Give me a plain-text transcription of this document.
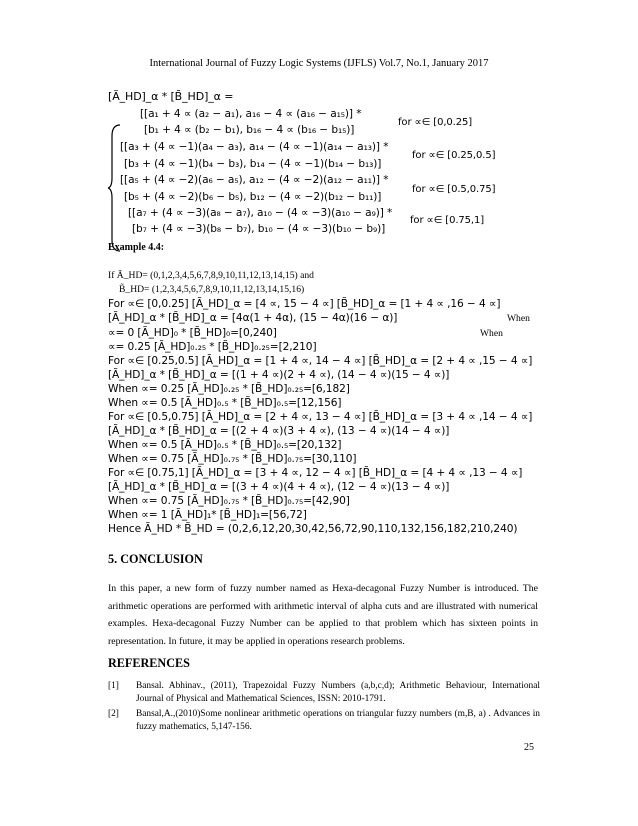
International Journal of Fuzzy Logic Systems (IJFLS) Vol.7, No.1, January 2017
[Ã_HD]_α * [B̃_HD]_α =
[[a₁ + 4 ∝ (a₂ − a₁), a₁₆ − 4 ∝ (a₁₆ − a₁₅)] *
[b₁ + 4 ∝ (b₂ − b₁), b₁₆ − 4 ∝ (b₁₆ − b₁₅)]
for ∝∈ [0,0.25]
[[a₃ + (4 ∝ −1)(a₄ − a₃), a₁₄ − (4 ∝ −1)(a₁₄ − a₁₃)] *
[b₃ + (4 ∝ −1)(b₄ − b₃), b₁₄ − (4 ∝ −1)(b₁₄ − b₁₃)]
for ∝∈ [0.25,0.5]
[[a₅ + (4 ∝ −2)(a₆ − a₅), a₁₂ − (4 ∝ −2)(a₁₂ − a₁₁)] *
[b₅ + (4 ∝ −2)(b₆ − b₅), b₁₂ − (4 ∝ −2)(b₁₂ − b₁₁)]
for ∝∈ [0.5,0.75]
[[a₇ + (4 ∝ −3)(a₈ − a₇), a₁₀ − (4 ∝ −3)(a₁₀ − a₉)] *
[b₇ + (4 ∝ −3)(b₈ − b₇), b₁₀ − (4 ∝ −3)(b₁₀ − b₉)]
for ∝∈ [0.75,1]
Example 4.4:
If Ã_HD= (0,1,2,3,4,5,6,7,8,9,10,11,12,13,14,15) and
B̃_HD= (1,2,3,4,5,6,7,8,9,10,11,12,13,14,15,16)
For ∝∈ [0,0.25] [Ã_HD]_α = [4 ∝, 15 − 4 ∝] [B̃_HD]_α = [1 + 4 ∝ ,16 − 4 ∝]
[Ã_HD]_α * [B̃_HD]_α = [4α(1 + 4α), (15 − 4α)(16 − α)]	When
∝= 0 [Ã_HD]₀ * [B̃_HD]₀=[0,240]	When
∝= 0.25 [Ã_HD]₀.₂₅ * [B̃_HD]₀.₂₅=[2,210]
For ∝∈ [0.25,0.5] [Ã_HD]_α = [1 + 4 ∝, 14 − 4 ∝] [B̃_HD]_α = [2 + 4 ∝ ,15 − 4 ∝]
[Ã_HD]_α * [B̃_HD]_α = [(1 + 4 ∝)(2 + 4 ∝), (14 − 4 ∝)(15 − 4 ∝)]
When ∝= 0.25 [Ã_HD]₀.₂₅ * [B̃_HD]₀.₂₅=[6,182]
When ∝= 0.5 [Ã_HD]₀.₅ * [B̃_HD]₀.₅=[12,156]
For ∝∈ [0.5,0.75] [Ã_HD]_α = [2 + 4 ∝, 13 − 4 ∝] [B̃_HD]_α = [3 + 4 ∝ ,14 − 4 ∝]
[Ã_HD]_α * [B̃_HD]_α = [(2 + 4 ∝)(3 + 4 ∝), (13 − 4 ∝)(14 − 4 ∝)]
When ∝= 0.5 [Ã_HD]₀.₅ * [B̃_HD]₀.₅=[20,132]
When ∝= 0.75 [Ã_HD]₀.₇₅ * [B̃_HD]₀.₇₅=[30,110]
For ∝∈ [0.75,1] [Ã_HD]_α = [3 + 4 ∝, 12 − 4 ∝] [B̃_HD]_α = [4 + 4 ∝ ,13 − 4 ∝]
[Ã_HD]_α * [B̃_HD]_α = [(3 + 4 ∝)(4 + 4 ∝), (12 − 4 ∝)(13 − 4 ∝)]
When ∝= 0.75 [Ã_HD]₀.₇₅ * [B̃_HD]₀.₇₅=[42,90]
When ∝= 1 [Ã_HD]₁* [B̃_HD]₁=[56,72]
Hence Ã_HD * B̃_HD = (0,2,6,12,20,30,42,56,72,90,110,132,156,182,210,240)
5. CONCLUSION
In this paper, a new form of fuzzy number named as Hexa-decagonal Fuzzy Number is introduced. The arithmetic operations are performed with arithmetic interval of alpha cuts and are illustrated with numerical examples. Hexa-decagonal Fuzzy Number can be applied to that problem which has sixteen points in representation. In future, it may be applied in operations research problems.
REFERENCES
[1] Bansal. Abhinav., (2011), Trapezoidal Fuzzy Numbers (a,b,c,d); Arithmetic Behaviour, International Journal of Physical and Mathematical Sciences, ISSN: 2010-1791.
[2] Bansal,A.,(2010)Some nonlinear arithmetic operations on triangular fuzzy numbers (m,B, a) . Advances in fuzzy mathematics, 5,147-156.
25
